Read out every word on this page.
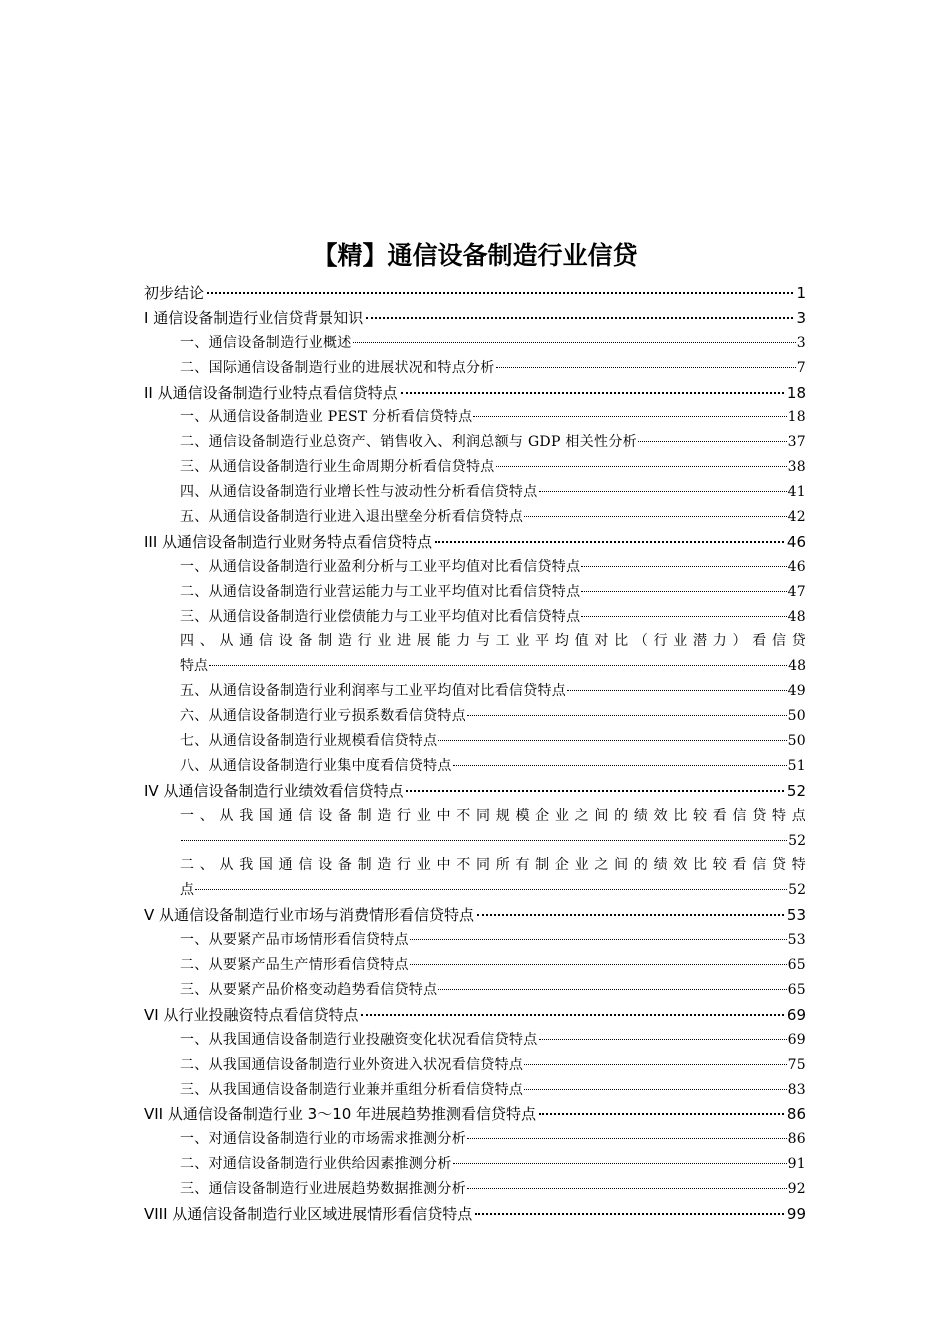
【精】通信设备制造行业信贷
初步结论	1
I 通信设备制造行业信贷背景知识	3
一、通信设备制造行业概述	3
二、国际通信设备制造行业的进展状况和特点分析	7
II 从通信设备制造行业特点看信贷特点	18
一、从通信设备制造业 PEST 分析看信贷特点	18
二、通信设备制造行业总资产、销售收入、利润总额与 GDP 相关性分析	37
三、从通信设备制造行业生命周期分析看信贷特点	38
四、从通信设备制造行业增长性与波动性分析看信贷特点	41
五、从通信设备制造行业进入退出壁垒分析看信贷特点	42
III 从通信设备制造行业财务特点看信贷特点	46
一、从通信设备制造行业盈利分析与工业平均值对比看信贷特点	46
二、从通信设备制造行业营运能力与工业平均值对比看信贷特点	47
三、从通信设备制造行业偿债能力与工业平均值对比看信贷特点	48
四、从通信设备制造行业进展能力与工业平均值对比（行业潜力）看信贷
特点	48
五、从通信设备制造行业利润率与工业平均值对比看信贷特点	49
六、从通信设备制造行业亏损系数看信贷特点	50
七、从通信设备制造行业规模看信贷特点	50
八、从通信设备制造行业集中度看信贷特点	51
IV 从通信设备制造行业绩效看信贷特点	52
一、从我国通信设备制造行业中不同规模企业之间的绩效比较看信贷特点
52
二、从我国通信设备制造行业中不同所有制企业之间的绩效比较看信贷特
点	52
V 从通信设备制造行业市场与消费情形看信贷特点	53
一、从要紧产品市场情形看信贷特点	53
二、从要紧产品生产情形看信贷特点	65
三、从要紧产品价格变动趋势看信贷特点	65
VI 从行业投融资特点看信贷特点	69
一、从我国通信设备制造行业投融资变化状况看信贷特点	69
二、从我国通信设备制造行业外资进入状况看信贷特点	75
三、从我国通信设备制造行业兼并重组分析看信贷特点	83
VII 从通信设备制造行业 3～10 年进展趋势推测看信贷特点	86
一、对通信设备制造行业的市场需求推测分析	86
二、对通信设备制造行业供给因素推测分析	91
三、通信设备制造行业进展趋势数据推测分析	92
VIII 从通信设备制造行业区域进展情形看信贷特点	99
